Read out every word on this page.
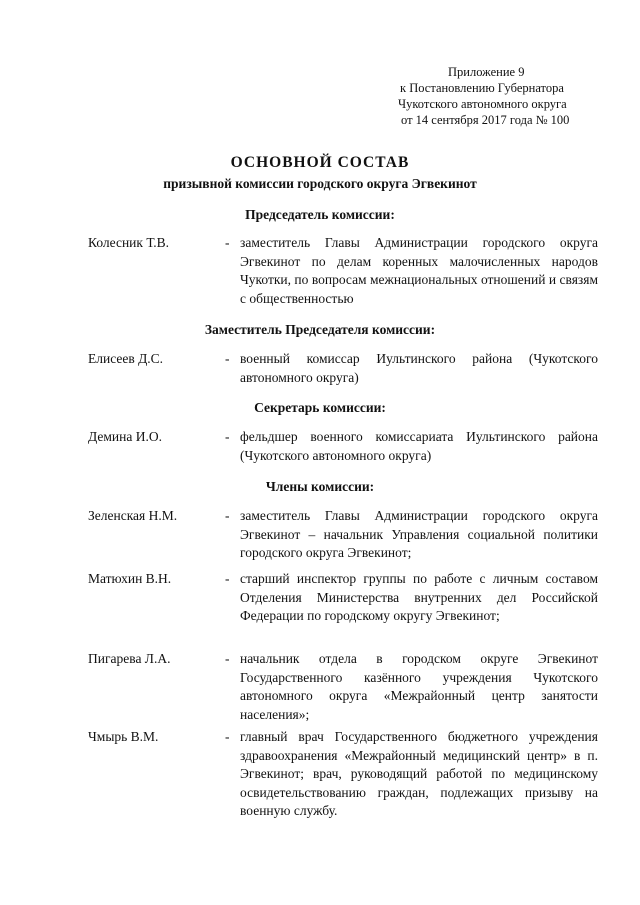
Приложение 9
к Постановлению Губернатора
Чукотского автономного округа
от 14 сентября 2017 года № 100
ОСНОВНОЙ СОСТАВ
призывной комиссии городского округа Эгвекинот
Председатель комиссии:
Колесник Т.В.	- заместитель Главы Администрации городского округа Эгвекинот по делам коренных малочисленных народов Чукотки, по вопросам межнациональных отношений и связям с общественностью
Заместитель Председателя комиссии:
Елисеев Д.С.	- военный комиссар Иультинского района (Чукотского автономного округа)
Секретарь комиссии:
Демина И.О.	- фельдшер военного комиссариата Иультинского района (Чукотского автономного округа)
Члены комиссии:
Зеленская Н.М.	- заместитель Главы Администрации городского округа Эгвекинот – начальник Управления социальной политики городского округа Эгвекинот;
Матюхин В.Н.	- старший инспектор группы по работе с личным составом Отделения Министерства внутренних дел Российской Федерации по городскому округу Эгвекинот;
Пигарева Л.А.	- начальник отдела в городском округе Эгвекинот Государственного казённого учреждения Чукотского автономного округа «Межрайонный центр занятости населения»;
Чмырь В.М.	- главный врач Государственного бюджетного учреждения здравоохранения «Межрайонный медицинский центр» в п. Эгвекинот; врач, руководящий работой по медицинскому освидетельствованию граждан, подлежащих призыву на военную службу.
